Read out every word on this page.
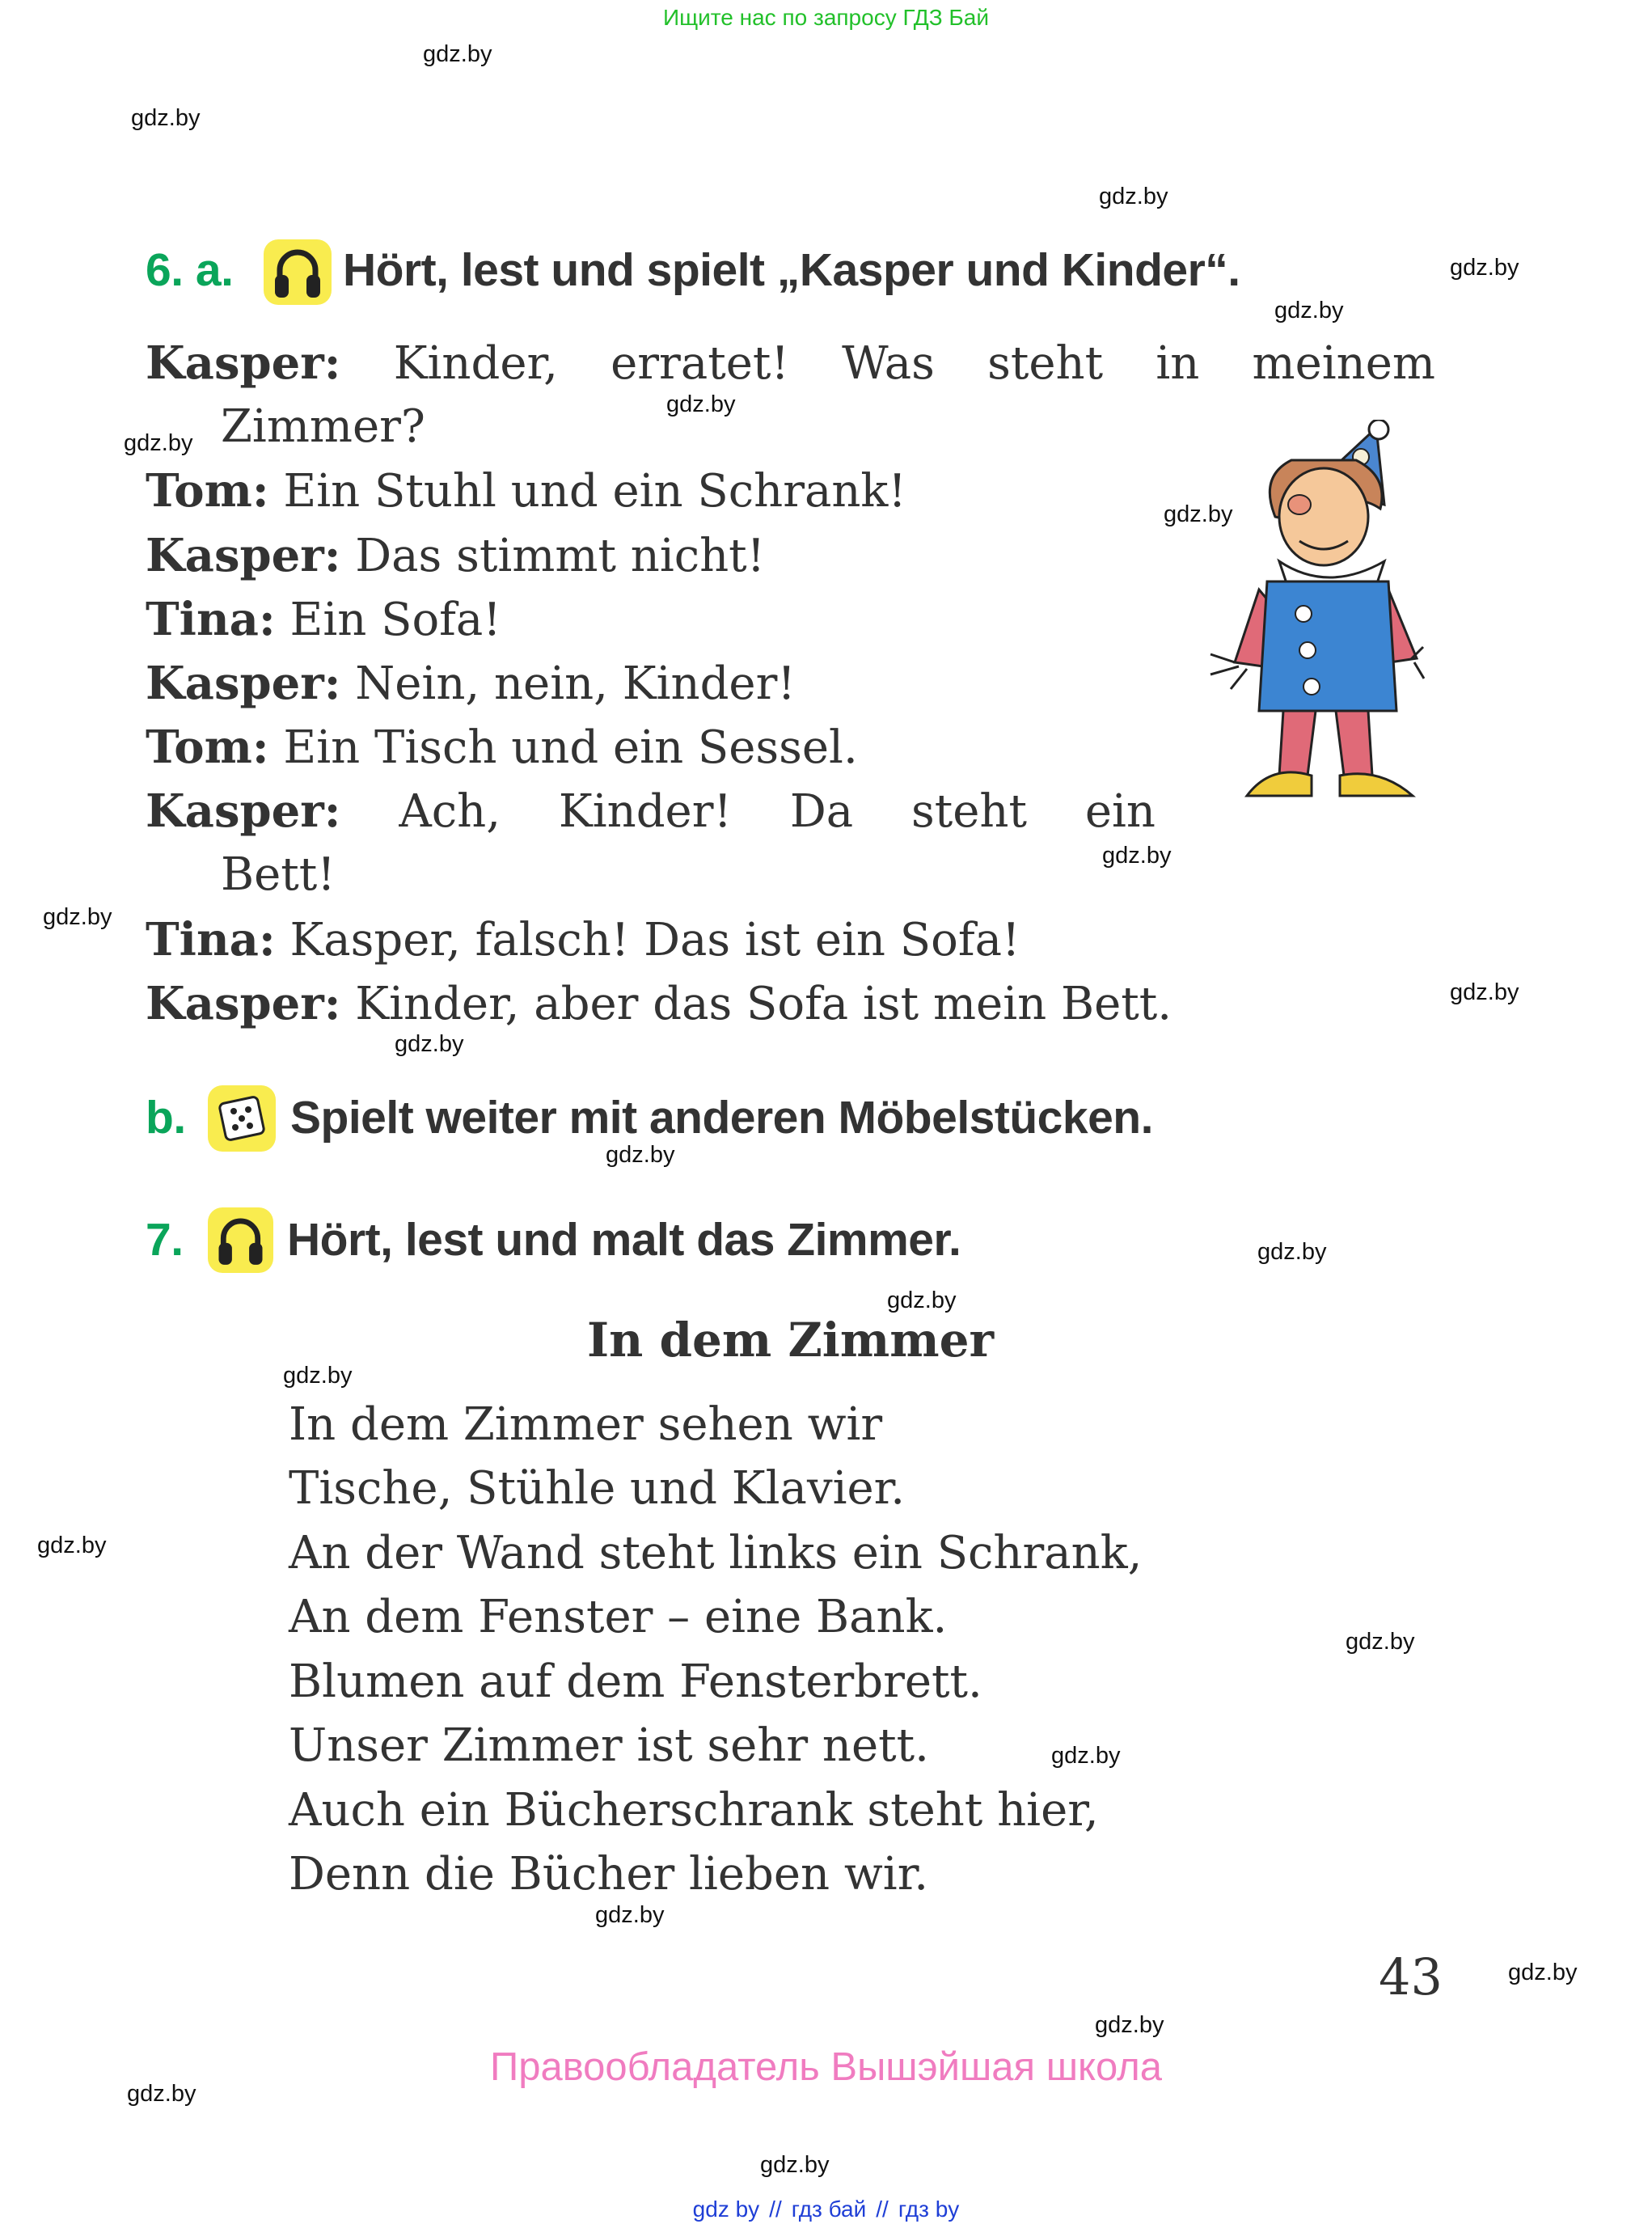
Ищите нас по запросу ГДЗ Бай
gdz.by
gdz.by
gdz.by
gdz.by
gdz.by
gdz.by
gdz.by
gdz.by
gdz.by
gdz.by
gdz.by
gdz.by
gdz.by
gdz.by
gdz.by
gdz.by
gdz.by
gdz.by
gdz.by
gdz.by
gdz.by
gdz.by
gdz.by
gdz.by
6. a. Hört, lest und spielt „Kasper und Kinder“.
Kasper: Kinder, erratet! Was steht in meinem
Zimmer?
Tom: Ein Stuhl und ein Schrank!
Kasper: Das stimmt nicht!
Tina: Ein Sofa!
Kasper: Nein, nein, Kinder!
Tom: Ein Tisch und ein Sessel.
Kasper: Ach, Kinder! Da steht ein
Bett!
Tina: Kasper, falsch! Das ist ein Sofa!
Kasper: Kinder, aber das Sofa ist mein Bett.
b. Spielt weiter mit anderen Möbelstücken.
7. Hört, lest und malt das Zimmer.
In dem Zimmer
In dem Zimmer sehen wir
Tische, Stühle und Klavier.
An der Wand steht links ein Schrank,
An dem Fenster – eine Bank.
Blumen auf dem Fensterbrett.
Unser Zimmer ist sehr nett.
Auch ein Bücherschrank steht hier,
Denn die Bücher lieben wir.
43
Правообладатель Вышэйшая школа
gdz by // гдз бай // гдз by
